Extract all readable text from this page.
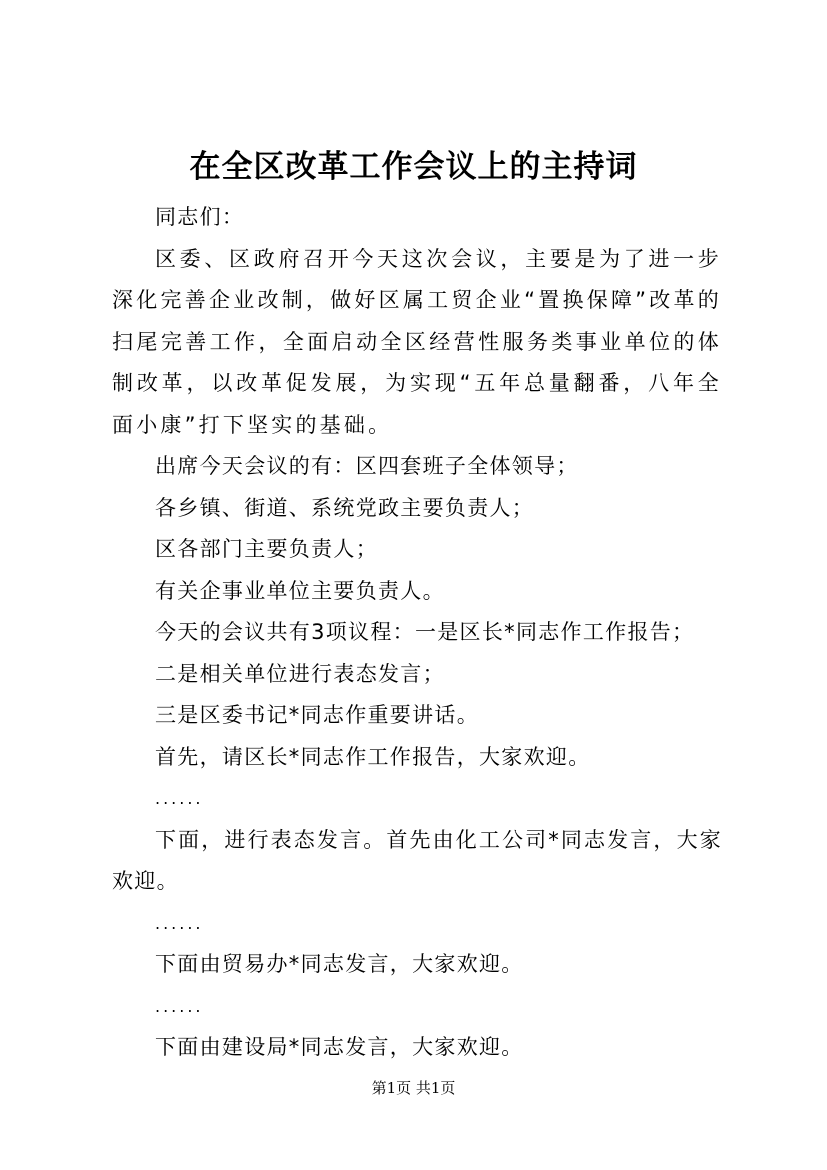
在全区改革工作会议上的主持词

同志们：

区委、区政府召开今天这次会议，主要是为了进一步深化完善企业改制，做好区属工贸企业“置换保障”改革的扫尾完善工作，全面启动全区经营性服务类事业单位的体制改革，以改革促发展，为实现“五年总量翻番，八年全面小康”打下坚实的基础。

出席今天会议的有：区四套班子全体领导；

各乡镇、街道、系统党政主要负责人；

区各部门主要负责人；

有关企事业单位主要负责人。

今天的会议共有3项议程：一是区长*同志作工作报告；

二是相关单位进行表态发言；

三是区委书记*同志作重要讲话。

首先，请区长*同志作工作报告，大家欢迎。

......

下面，进行表态发言。首先由化工公司*同志发言，大家欢迎。

......

下面由贸易办*同志发言，大家欢迎。

......

下面由建设局*同志发言，大家欢迎。

第1页 共1页
